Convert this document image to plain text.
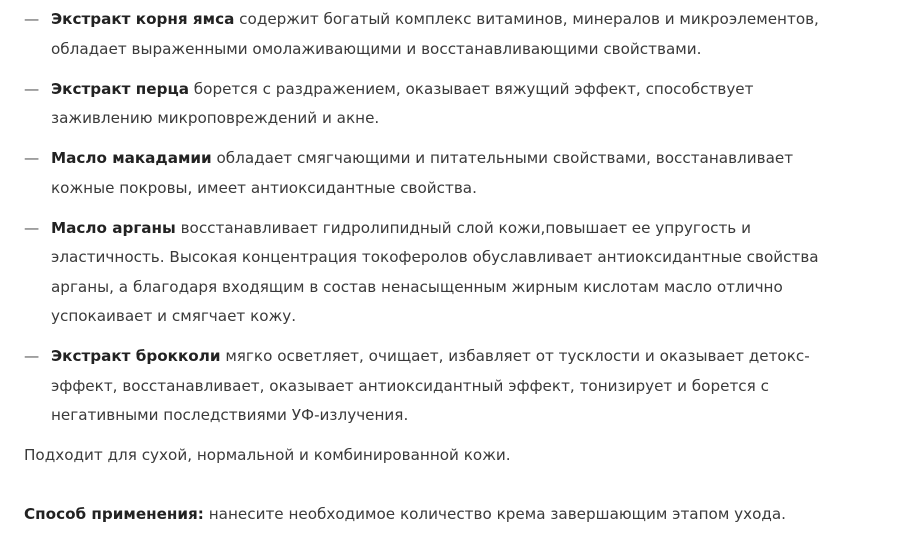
— Экстракт корня ямса содержит богатый комплекс витаминов, минералов и микроэлементов, обладает выраженными омолаживающими и восстанавливающими свойствами.
— Экстракт перца борется с раздражением, оказывает вяжущий эффект, способствует заживлению микроповреждений и акне.
— Масло макадамии обладает смягчающими и питательными свойствами, восстанавливает кожные покровы, имеет антиоксидантные свойства.
— Масло арганы восстанавливает гидролипидный слой кожи,повышает ее упругость и эластичность. Высокая концентрация токоферолов обуславливает антиоксидантные свойства арганы, а благодаря входящим в состав ненасыщенным жирным кислотам масло отлично успокаивает и смягчает кожу.
— Экстракт брокколи мягко осветляет, очищает, избавляет от тусклости и оказывает детокс-эффект, восстанавливает, оказывает антиоксидантный эффект, тонизирует и борется с негативными последствиями УФ-излучения.

Подходит для сухой, нормальной и комбинированной кожи.

Способ применения: нанесите необходимое количество крема завершающим этапом ухода.
